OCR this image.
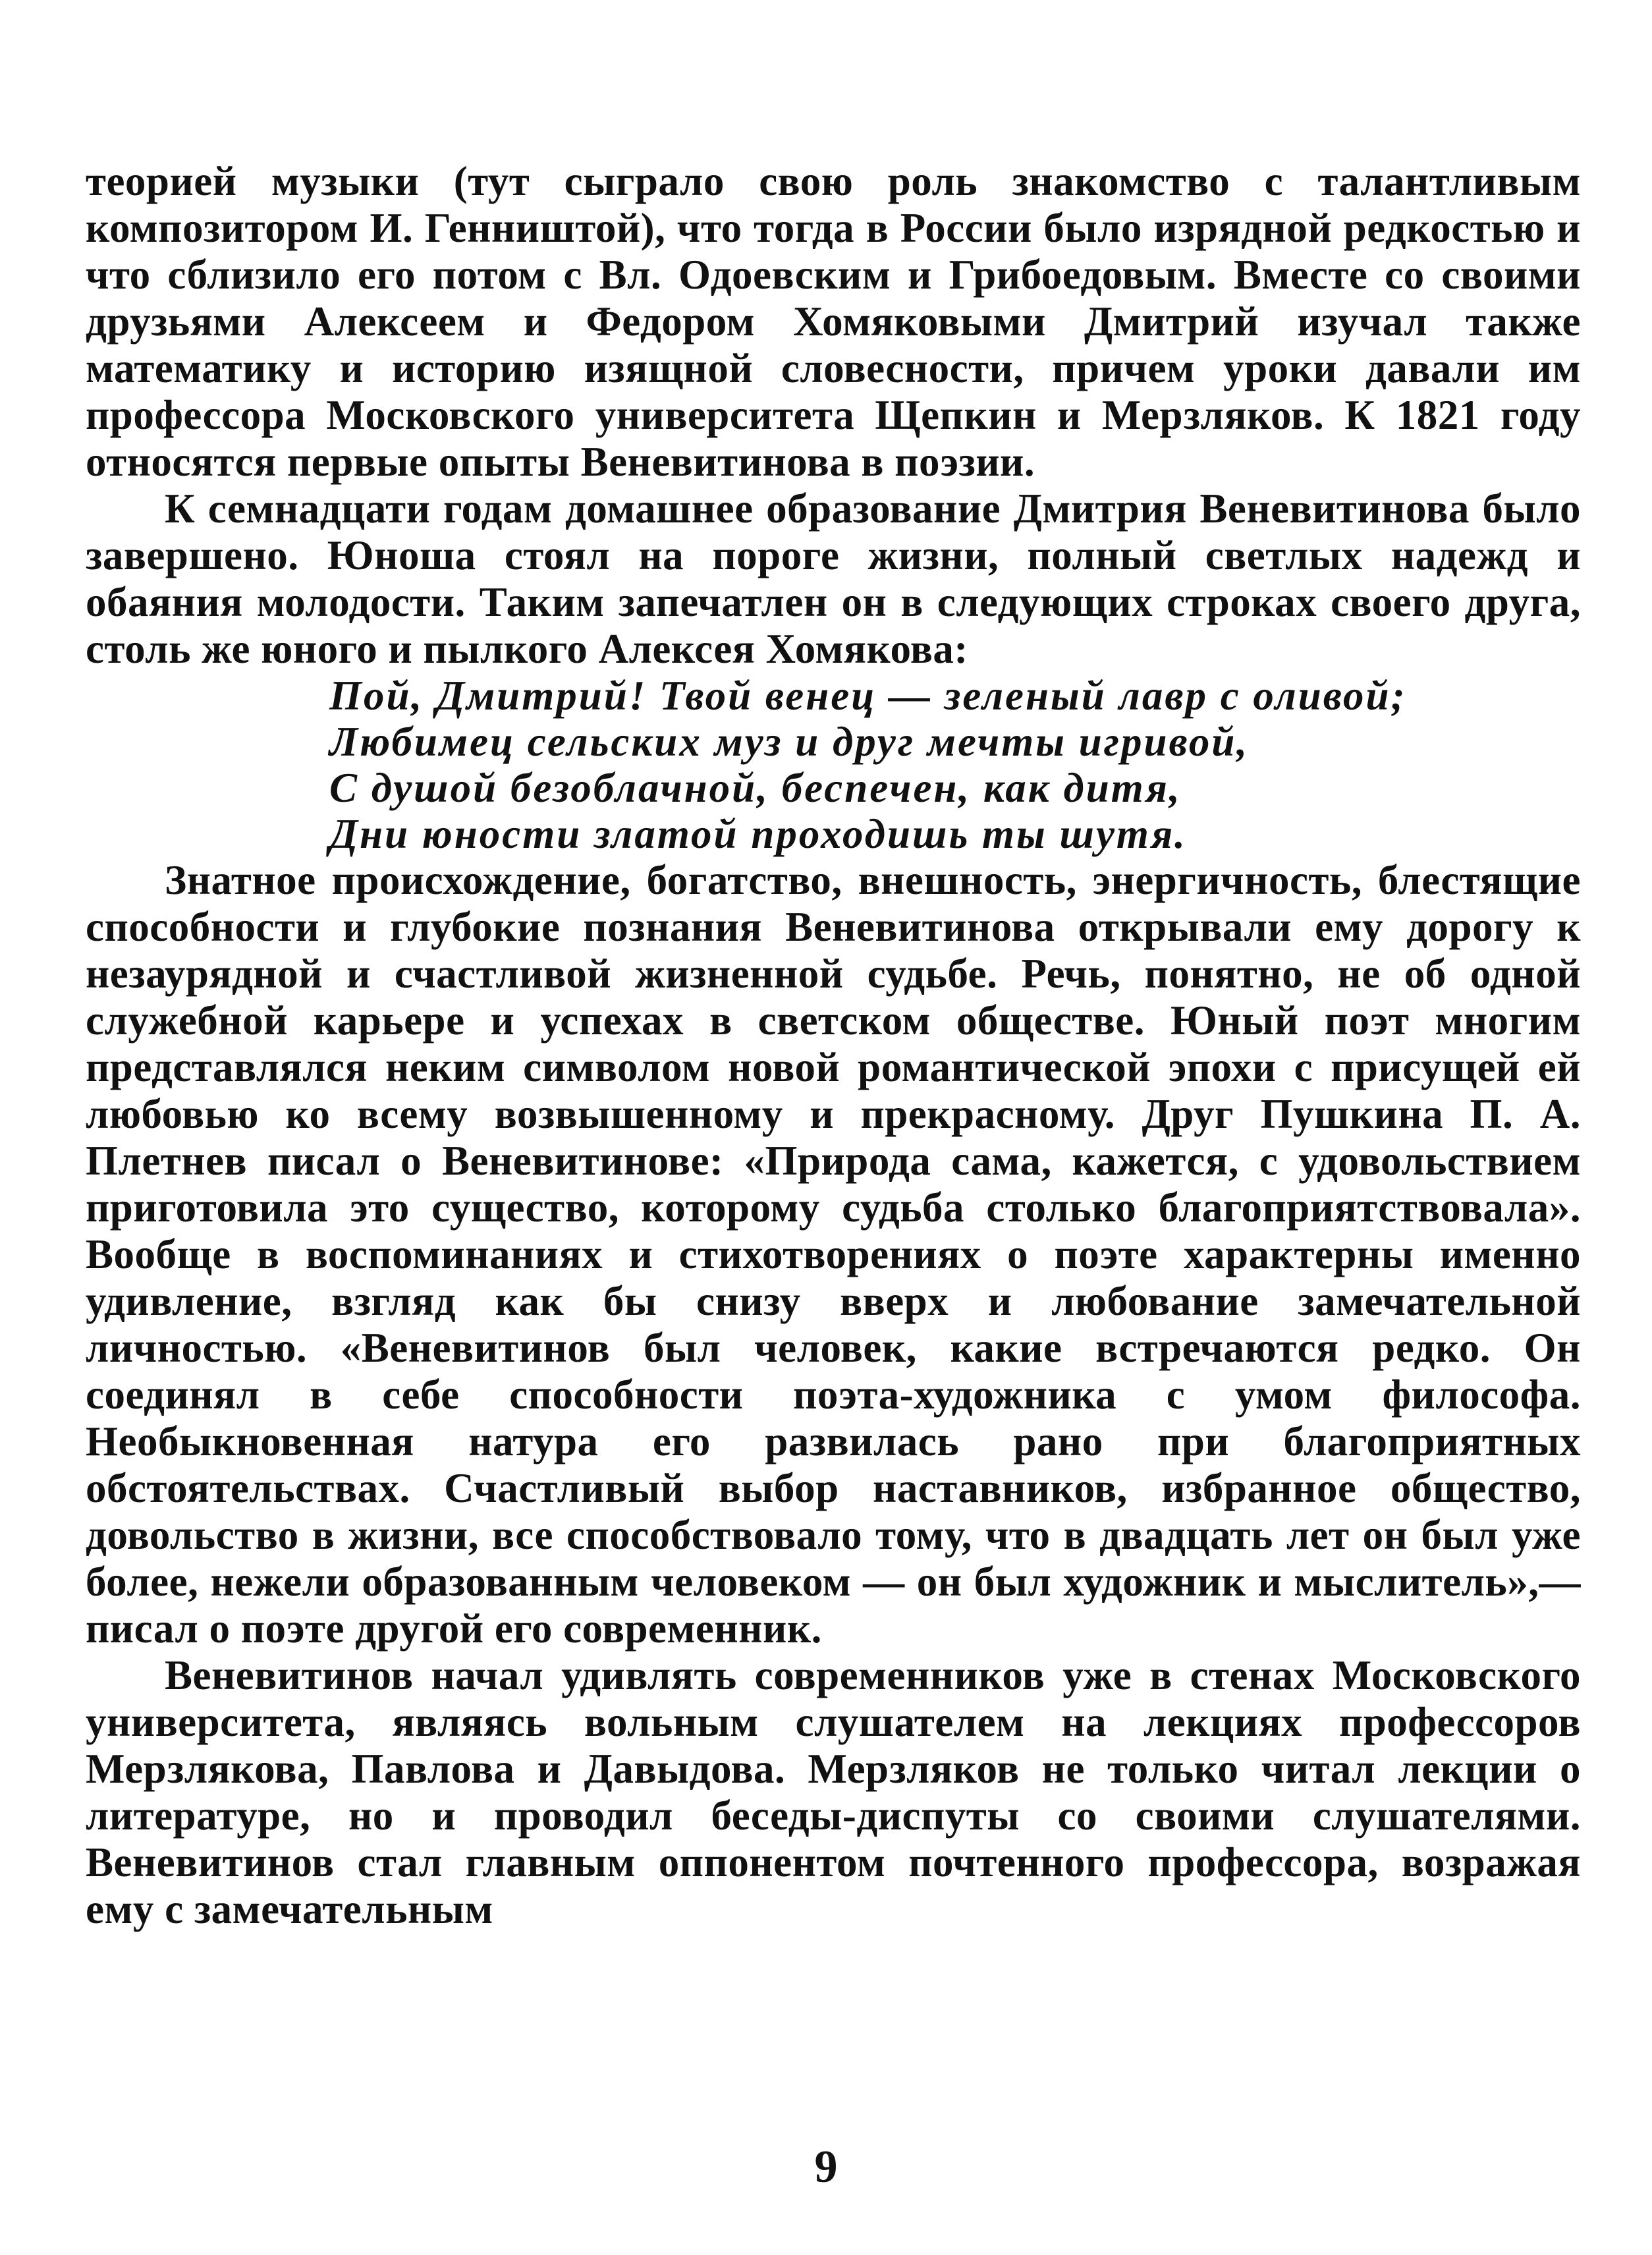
теорией музыки (тут сыграло свою роль знакомство с талантливым композитором И. Генништой), что тогда в России было изрядной редкостью и что сблизило его потом с Вл. Одоевским и Грибоедовым. Вместе со своими друзьями Алексеем и Федором Хомяковыми Дмитрий изучал также математику и историю изящной словесности, причем уроки давали им профессора Московского университета Щепкин и Мерзляков. К 1821 году относятся первые опыты Веневитинова в поэзии.

К семнадцати годам домашнее образование Дмитрия Веневитинова было завершено. Юноша стоял на пороге жизни, полный светлых надежд и обаяния молодости. Таким запечатлен он в следующих строках своего друга, столь же юного и пылкого Алексея Хомякова:

Пой, Дмитрий! Твой венец — зеленый лавр с оливой;
Любимец сельских муз и друг мечты игривой,
С душой безоблачной, беспечен, как дитя,
Дни юности златой проходишь ты шутя.

Знатное происхождение, богатство, внешность, энергичность, блестящие способности и глубокие познания Веневитинова открывали ему дорогу к незаурядной и счастливой жизненной судьбе. Речь, понятно, не об одной служебной карьере и успехах в светском обществе. Юный поэт многим представлялся неким символом новой романтической эпохи с присущей ей любовью ко всему возвышенному и прекрасному. Друг Пушкина П. А. Плетнев писал о Веневитинове: «Природа сама, кажется, с удовольствием приготовила это существо, которому судьба столько благоприятствовала». Вообще в воспоминаниях и стихотворениях о поэте характерны именно удивление, взгляд как бы снизу вверх и любование замечательной личностью. «Веневитинов был человек, какие встречаются редко. Он соединял в себе способности поэта-художника с умом философа. Необыкновенная натура его развилась рано при благоприятных обстоятельствах. Счастливый выбор наставников, избранное общество, довольство в жизни, все способствовало тому, что в двадцать лет он был уже более, нежели образованным человеком — он был художник и мыслитель»,— писал о поэте другой его современник.

Веневитинов начал удивлять современников уже в стенах Московского университета, являясь вольным слушателем на лекциях профессоров Мерзлякова, Павлова и Давыдова. Мерзляков не только читал лекции о литературе, но и проводил беседы-диспуты со своими слушателями. Веневитинов стал главным оппонентом почтенного профессора, возражая ему с замечательным

9
